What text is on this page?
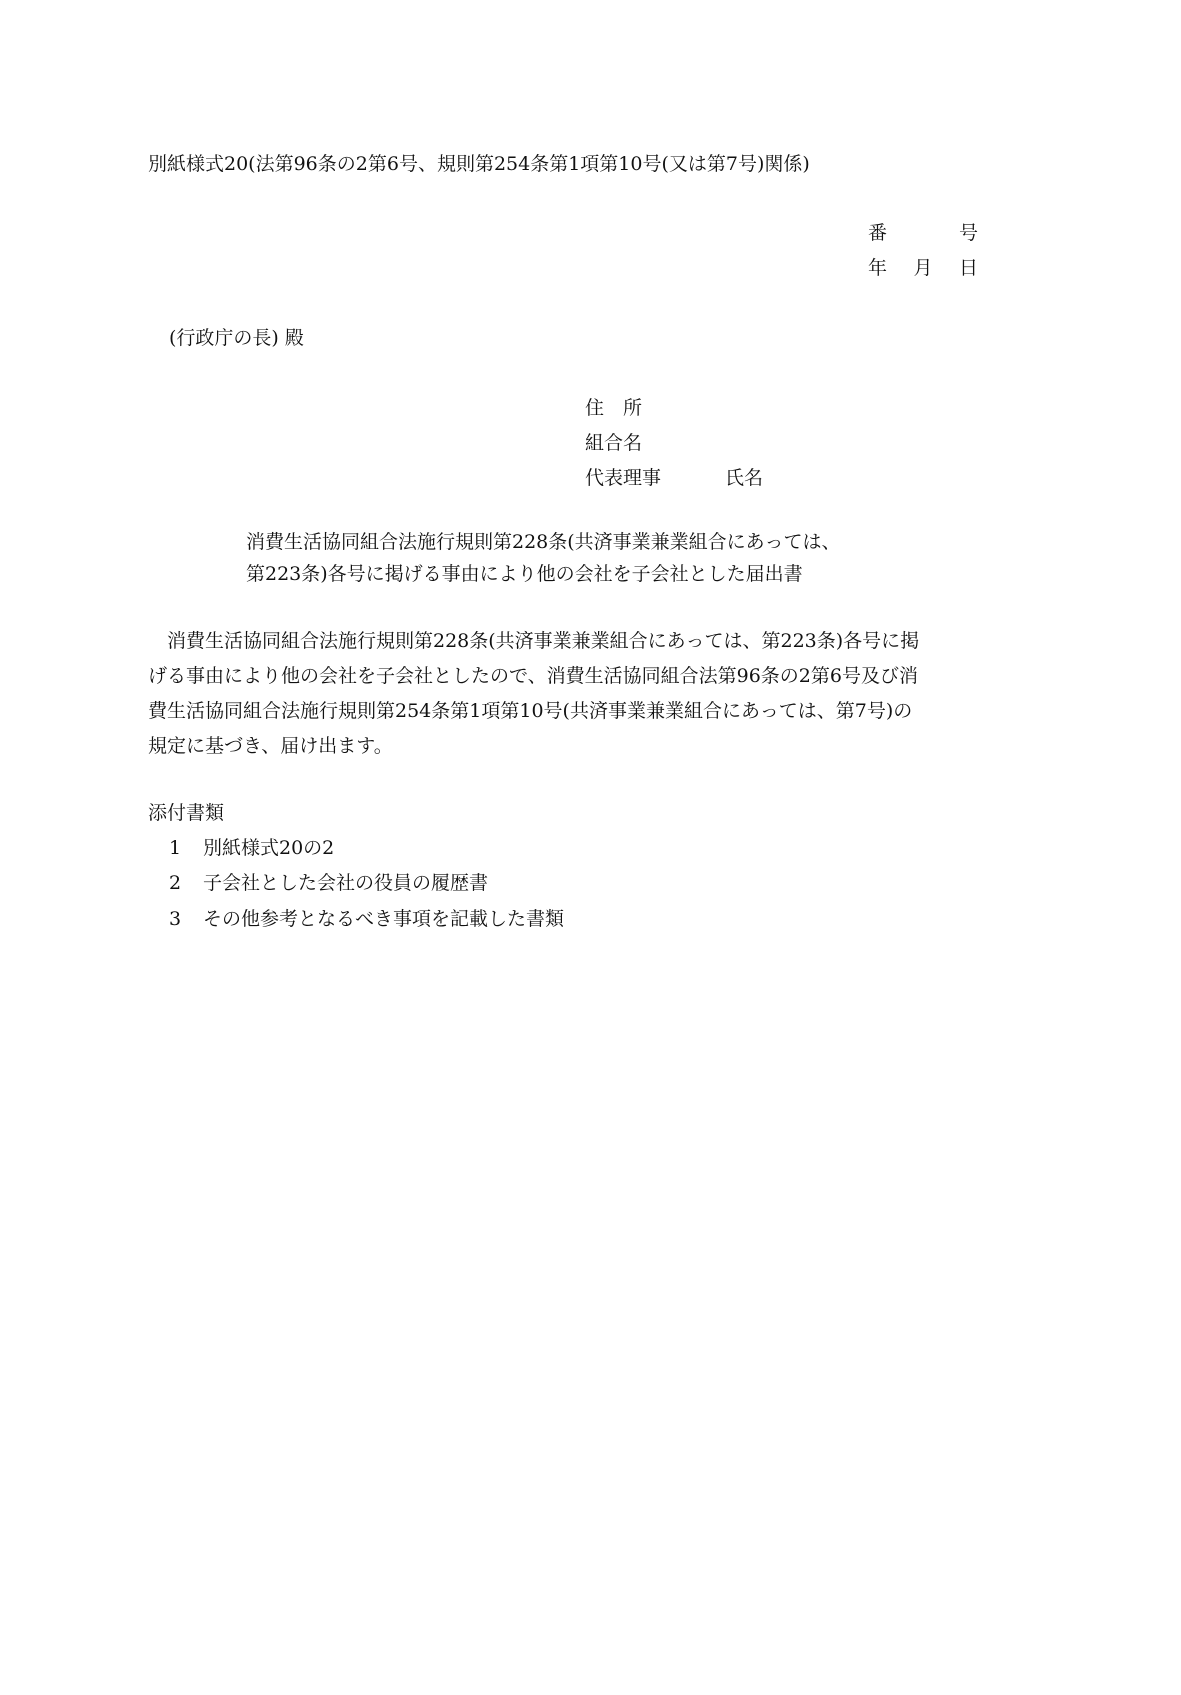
別紙様式20(法第96条の2第6号、規則第254条第1項第10号(又は第7号)関係)
番	号
年 月 日
(行政庁の長) 殿
住　所
組合名
代表理事	氏名
消費生活協同組合法施行規則第228条(共済事業兼業組合にあっては、
第223条)各号に掲げる事由により他の会社を子会社とした届出書
　消費生活協同組合法施行規則第228条(共済事業兼業組合にあっては、第223条)各号に掲
げる事由により他の会社を子会社としたので、消費生活協同組合法第96条の2第6号及び消
費生活協同組合法施行規則第254条第1項第10号(共済事業兼業組合にあっては、第7号)の
規定に基づき、届け出ます。
添付書類
1 別紙様式20の2
2 子会社とした会社の役員の履歴書
3 その他参考となるべき事項を記載した書類
